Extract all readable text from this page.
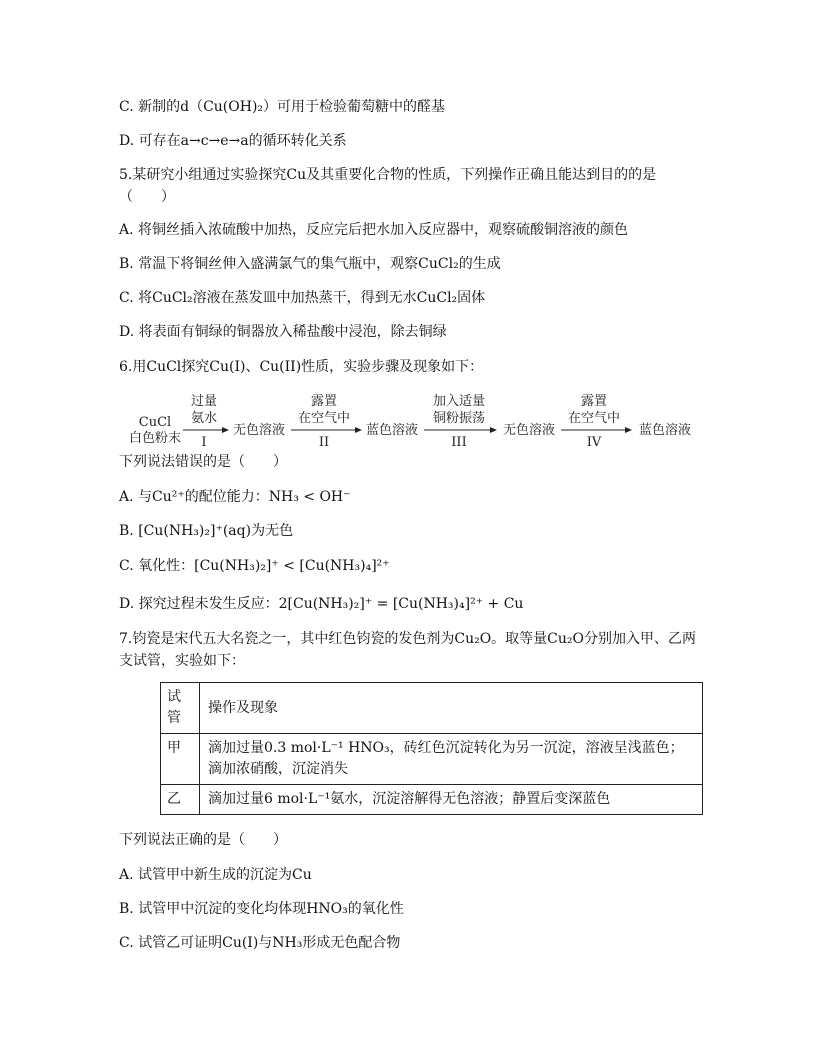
C. 新制的d（Cu(OH)₂）可用于检验葡萄糖中的醛基
D. 可存在a→c→e→a的循环转化关系
5.某研究小组通过实验探究Cu及其重要化合物的性质，下列操作正确且能达到目的的是（　　）
A. 将铜丝插入浓硫酸中加热，反应完后把水加入反应器中，观察硫酸铜溶液的颜色
B. 常温下将铜丝伸入盛满氯气的集气瓶中，观察CuCl₂的生成
C. 将CuCl₂溶液在蒸发皿中加热蒸干，得到无水CuCl₂固体
D. 将表面有铜绿的铜器放入稀盐酸中浸泡，除去铜绿
6.用CuCl探究Cu(I)、Cu(II)性质，实验步骤及现象如下：
CuCl
白色粉末
过量
氨水
I
无色溶液
露置
在空气中
II
蓝色溶液
加入适量
铜粉振荡
III
无色溶液
露置
在空气中
IV
蓝色溶液
下列说法错误的是（　　）
A. 与Cu²⁺的配位能力：NH₃ < OH⁻
B. [Cu(NH₃)₂]⁺(aq)为无色
C. 氧化性：[Cu(NH₃)₂]⁺ < [Cu(NH₃)₄]²⁺
D. 探究过程未发生反应：2[Cu(NH₃)₂]⁺ = [Cu(NH₃)₄]²⁺ + Cu
7.钧瓷是宋代五大名瓷之一，其中红色钧瓷的发色剂为Cu₂O。取等量Cu₂O分别加入甲、乙两支试管，实验如下：
试管	操作及现象
甲	滴加过量0.3 mol·L⁻¹ HNO₃，砖红色沉淀转化为另一沉淀，溶液呈浅蓝色；滴加浓硝酸，沉淀消失
乙	滴加过量6 mol·L⁻¹氨水，沉淀溶解得无色溶液；静置后变深蓝色
下列说法正确的是（　　）
A. 试管甲中新生成的沉淀为Cu
B. 试管甲中沉淀的变化均体现HNO₃的氧化性
C. 试管乙可证明Cu(I)与NH₃形成无色配合物
